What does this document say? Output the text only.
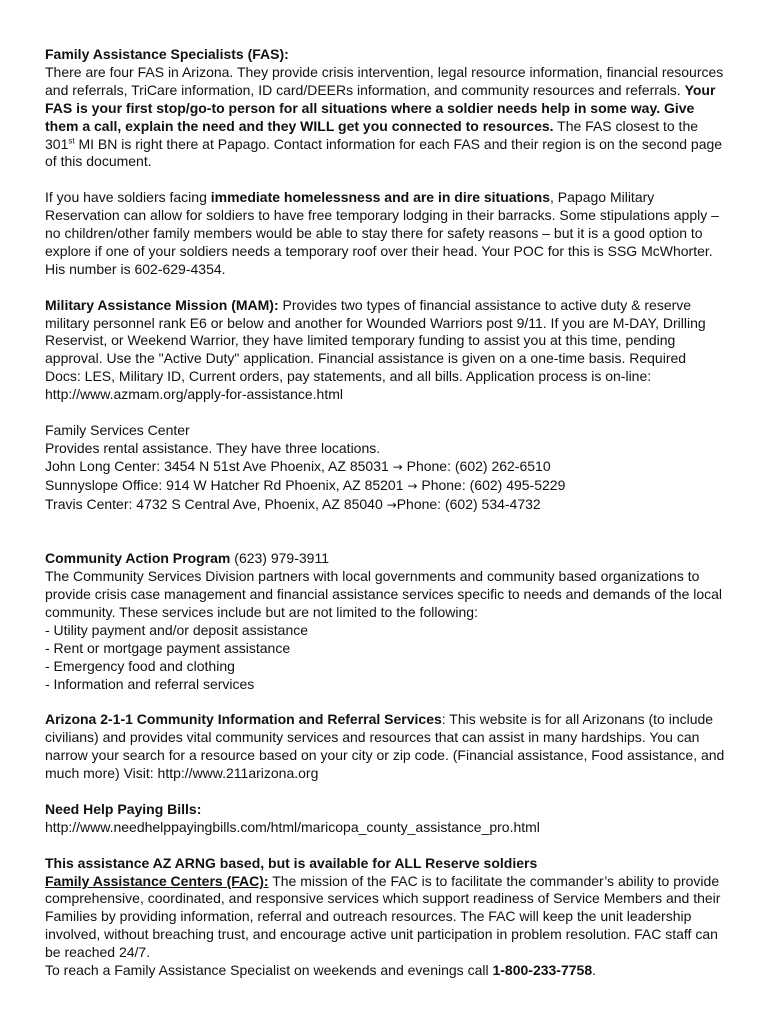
Family Assistance Specialists (FAS):

There are four FAS in Arizona. They provide crisis intervention, legal resource information, financial resources and referrals, TriCare information, ID card/DEERs information, and community resources and referrals. Your FAS is your first stop/go-to person for all situations where a soldier needs help in some way. Give them a call, explain the need and they WILL get you connected to resources. The FAS closest to the 301st MI BN is right there at Papago. Contact information for each FAS and their region is on the second page of this document.

If you have soldiers facing immediate homelessness and are in dire situations, Papago Military Reservation can allow for soldiers to have free temporary lodging in their barracks. Some stipulations apply – no children/other family members would be able to stay there for safety reasons – but it is a good option to explore if one of your soldiers needs a temporary roof over their head. Your POC for this is SSG McWhorter. His number is 602-629-4354.

Military Assistance Mission (MAM): Provides two types of financial assistance to active duty & reserve military personnel rank E6 or below and another for Wounded Warriors post 9/11. If you are M-DAY, Drilling Reservist, or Weekend Warrior, they have limited temporary funding to assist you at this time, pending approval. Use the "Active Duty" application. Financial assistance is given on a one-time basis. Required Docs: LES, Military ID, Current orders, pay statements, and all bills. Application process is on-line: http://www.azmam.org/apply-for-assistance.html

Family Services Center

Provides rental assistance. They have three locations.

John Long Center: 3454 N 51st Ave Phoenix, AZ 85031 → Phone: (602) 262-6510

Sunnyslope Office: 914 W Hatcher Rd Phoenix, AZ 85201 → Phone: (602) 495-5229

Travis Center: 4732 S Central Ave, Phoenix, AZ 85040 →Phone: (602) 534-4732

Community Action Program (623) 979-3911

The Community Services Division partners with local governments and community based organizations to provide crisis case management and financial assistance services specific to needs and demands of the local community. These services include but are not limited to the following:

- Utility payment and/or deposit assistance

- Rent or mortgage payment assistance

- Emergency food and clothing

- Information and referral services

Arizona 2-1-1 Community Information and Referral Services: This website is for all Arizonans (to include civilians) and provides vital community services and resources that can assist in many hardships. You can narrow your search for a resource based on your city or zip code. (Financial assistance, Food assistance, and much more) Visit: http://www.211arizona.org

Need Help Paying Bills:

http://www.needhelppayingbills.com/html/maricopa_county_assistance_pro.html

This assistance AZ ARNG based, but is available for ALL Reserve soldiers

Family Assistance Centers (FAC): The mission of the FAC is to facilitate the commander’s ability to provide comprehensive, coordinated, and responsive services which support readiness of Service Members and their Families by providing information, referral and outreach resources. The FAC will keep the unit leadership involved, without breaching trust, and encourage active unit participation in problem resolution. FAC staff can be reached 24/7.

To reach a Family Assistance Specialist on weekends and evenings call 1-800-233-7758.
